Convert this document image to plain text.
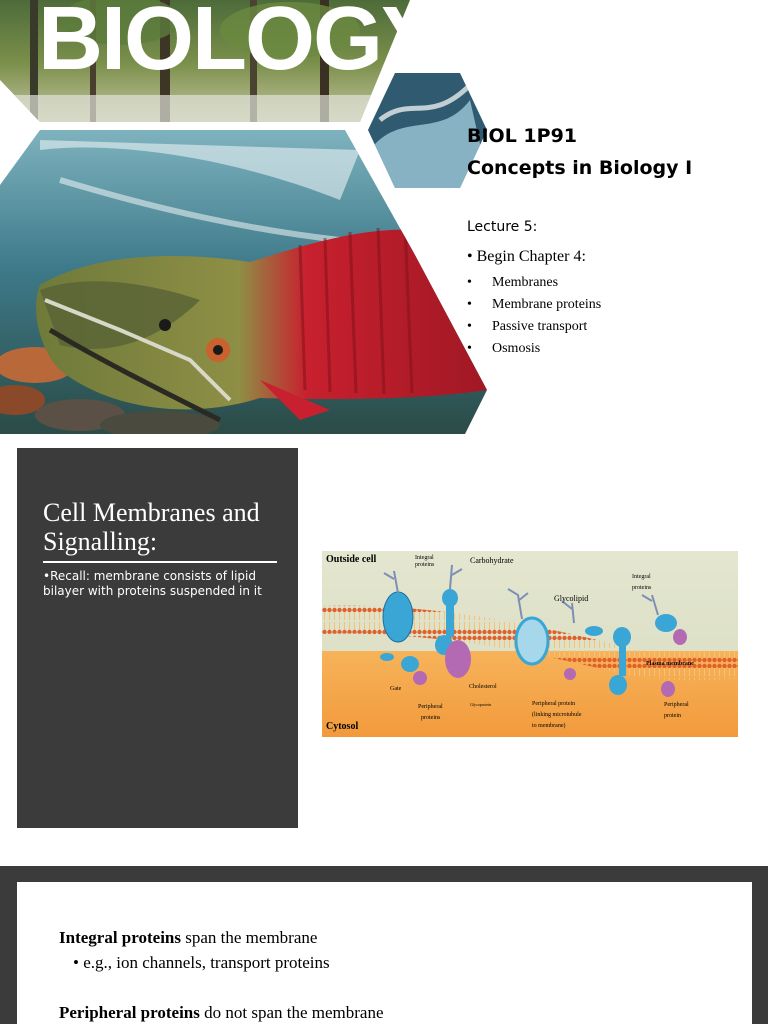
BIOLOGY
BIOL 1P91
Concepts in Biology I
Lecture 5:
• Begin Chapter 4:
•	Membranes
•	Membrane proteins
•	Passive transport
•	Osmosis
Cell Membranes and Signalling:
•Recall: membrane consists of lipid bilayer with proteins suspended in it
Outside cell
Cytosol
Integral
proteins	Carbohydrate
Glycolipid
Integral
proteins
Plasma membrane
Gate
Peripheral
proteins
Cholesterol
Glycoprotein	Peripheral protein
(linking microtubule
to membrane)
Peripheral
protein
Integral proteins span the membrane
• e.g., ion channels, transport proteins
Peripheral proteins do not span the membrane
